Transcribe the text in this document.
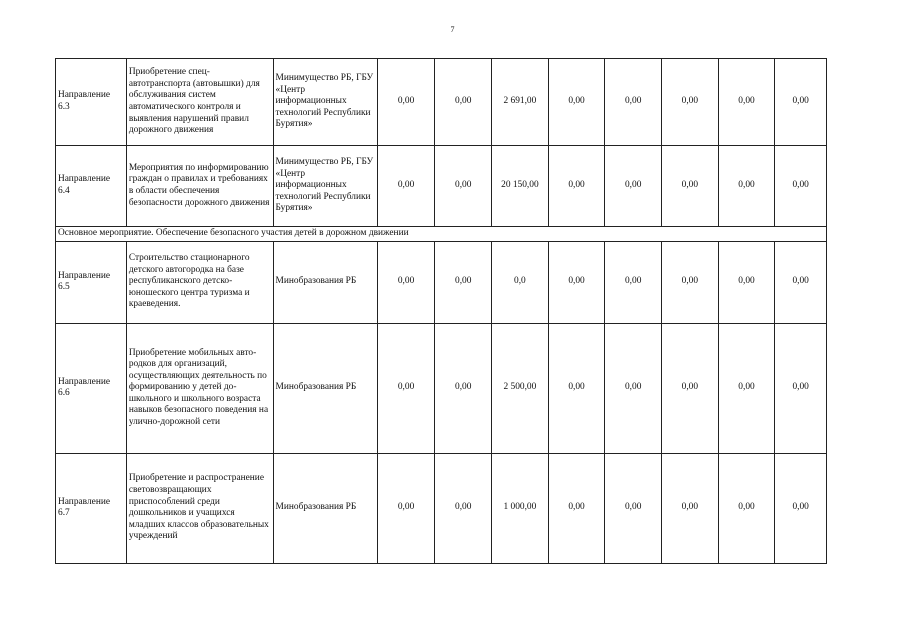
7
Направление 6.3	Приобретение спец-автотранспорта (автовышки) для обслуживания систем автоматического контроля и выявления нарушений правил дорожного движения	Минимущество РБ, ГБУ «Центр информационных технологий Республики Бурятия»	0,00	0,00	2 691,00	0,00	0,00	0,00	0,00	0,00
Направление 6.4	Мероприятия по информированию граждан о правилах и требованиях в области обеспечения безопасности дорожного движения	Минимущество РБ, ГБУ «Центр информационных технологий Республики Бурятия»	0,00	0,00	20 150,00	0,00	0,00	0,00	0,00	0,00
Основное мероприятие. Обеспечение безопасного участия детей в дорожном движении										
Направление 6.5	Строительство стационарного детского автогородка на базе республиканского детско-юношеского центра туризма и краеведения.	Минобразования РБ	0,00	0,00	0,0	0,00	0,00	0,00	0,00	0,00
Направление 6.6	Приобретение мобильных авто-родков для организаций, осуществляющих деятельность по формированию у детей до-школьного и школьного возраста навыков безопасного поведения на улично-дорожной сети	Минобразования РБ	0,00	0,00	2 500,00	0,00	0,00	0,00	0,00	0,00
Направление 6.7	Приобретение и распространение световозвращающих приспособлений среди дошкольников и учащихся младших классов образовательных учреждений	Минобразования РБ	0,00	0,00	1 000,00	0,00	0,00	0,00	0,00	0,00
